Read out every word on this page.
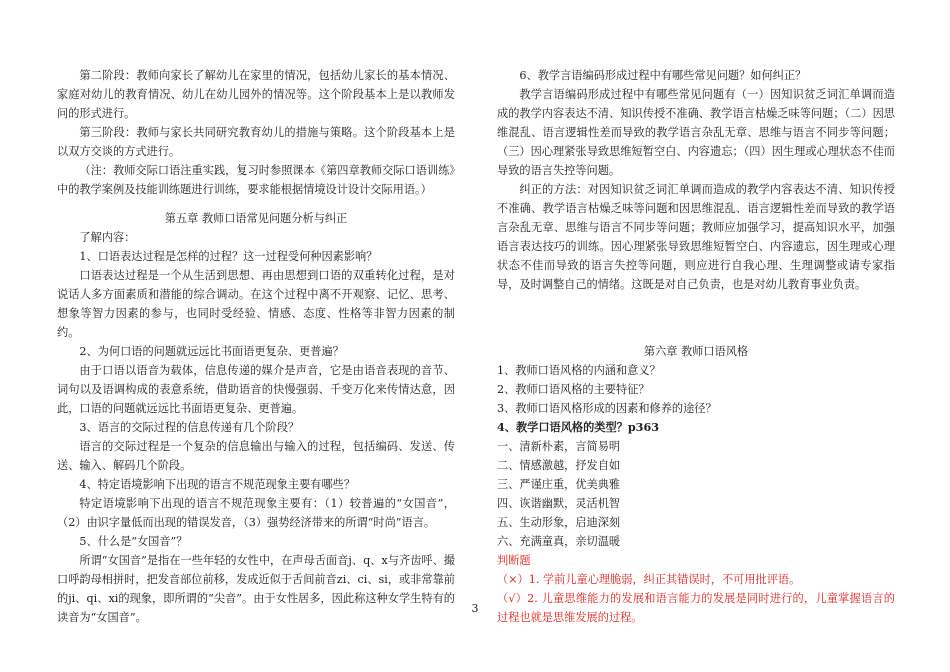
第二阶段：教师向家长了解幼儿在家里的情况，包括幼儿家长的基本情况、家庭对幼儿的教育情况、幼儿在幼儿园外的情况等。这个阶段基本上是以教师发问的形式进行。

第三阶段：教师与家长共同研究教育幼儿的措施与策略。这个阶段基本上是以双方交谈的方式进行。

（注：教师交际口语注重实践，复习时参照课本《第四章教师交际口语训练》中的教学案例及技能训练题进行训练，要求能根据情境设计设计交际用语。）

第五章 教师口语常见问题分析与纠正

了解内容：

1、口语表达过程是怎样的过程？这一过程受何种因素影响？

口语表达过程是一个从生活到思想、再由思想到口语的双重转化过程，是对说话人多方面素质和潜能的综合调动。在这个过程中离不开观察、记忆、思考、想象等智力因素的参与，也同时受经验、情感、态度、性格等非智力因素的制约。

2、为何口语的问题就远远比书面语更复杂、更普遍？

由于口语以语音为载体，信息传递的媒介是声音，它是由语音表现的音节、词句以及语调构成的表意系统，借助语音的快慢强弱、千变万化来传情达意，因此，口语的问题就远远比书面语更复杂、更普遍。

3、语言的交际过程的信息传递有几个阶段？

语言的交际过程是一个复杂的信息输出与输入的过程，包括编码、发送、传送、输入、解码几个阶段。

4、特定语境影响下出现的语言不规范现象主要有哪些？

特定语境影响下出现的语言不规范现象主要有：（1）较普遍的“女国音”，（2）由识字量低而出现的错误发音，（3）强势经济带来的所谓“时尚”语言。

5、什么是“女国音”？

所谓“女国音”是指在一些年轻的女性中，在声母舌面音j、q、x与齐齿呼、撮口呼韵母相拼时，把发音部位前移，发成近似于舌间前音zi、ci、si，或非常靠前的ji、qi、xi的现象，即所谓的“尖音”。由于女性居多，因此称这种女学生特有的读音为“女国音”。

6、教学言语编码形成过程中有哪些常见问题？如何纠正？

教学言语编码形成过程中有哪些常见问题有（一）因知识贫乏词汇单调而造成的教学内容表达不清、知识传授不准确、教学语言枯燥乏味等问题；（二）因思维混乱、语言逻辑性差而导致的教学语言杂乱无章、思维与语言不同步等问题；（三）因心理紧张导致思维短暂空白、内容遗忘；（四）因生理或心理状态不佳而导致的语言失控等问题。

纠正的方法：对因知识贫乏词汇单调而造成的教学内容表达不清、知识传授不准确、教学语言枯燥乏味等问题和因思维混乱、语言逻辑性差而导致的教学语言杂乱无章、思维与语言不同步等问题；教师应加强学习，提高知识水平，加强语言表达技巧的训练。因心理紧张导致思维短暂空白、内容遗忘，因生理或心理状态不佳而导致的语言失控等问题，则应进行自我心理、生理调整或请专家指导，及时调整自己的情绪。这既是对自己负责，也是对幼儿教育事业负责。

第六章 教师口语风格

1、教师口语风格的内涵和意义？

2、教师口语风格的主要特征？

3、教师口语风格形成的因素和修养的途径？

4、教学口语风格的类型？p363

一、清新朴素，言简易明

二、情感激越，抒发自如

三、严谨庄重，优美典雅

四、诙谐幽默，灵活机智

五、生动形象，启迪深刻

六、充满童真，亲切温暖

判断题

（×）1. 学前儿童心理脆弱，纠正其错误时，不可用批评语。

（√）2. 儿童思维能力的发展和语言能力的发展是同时进行的，儿童掌握语言的过程也就是思维发展的过程。

3
